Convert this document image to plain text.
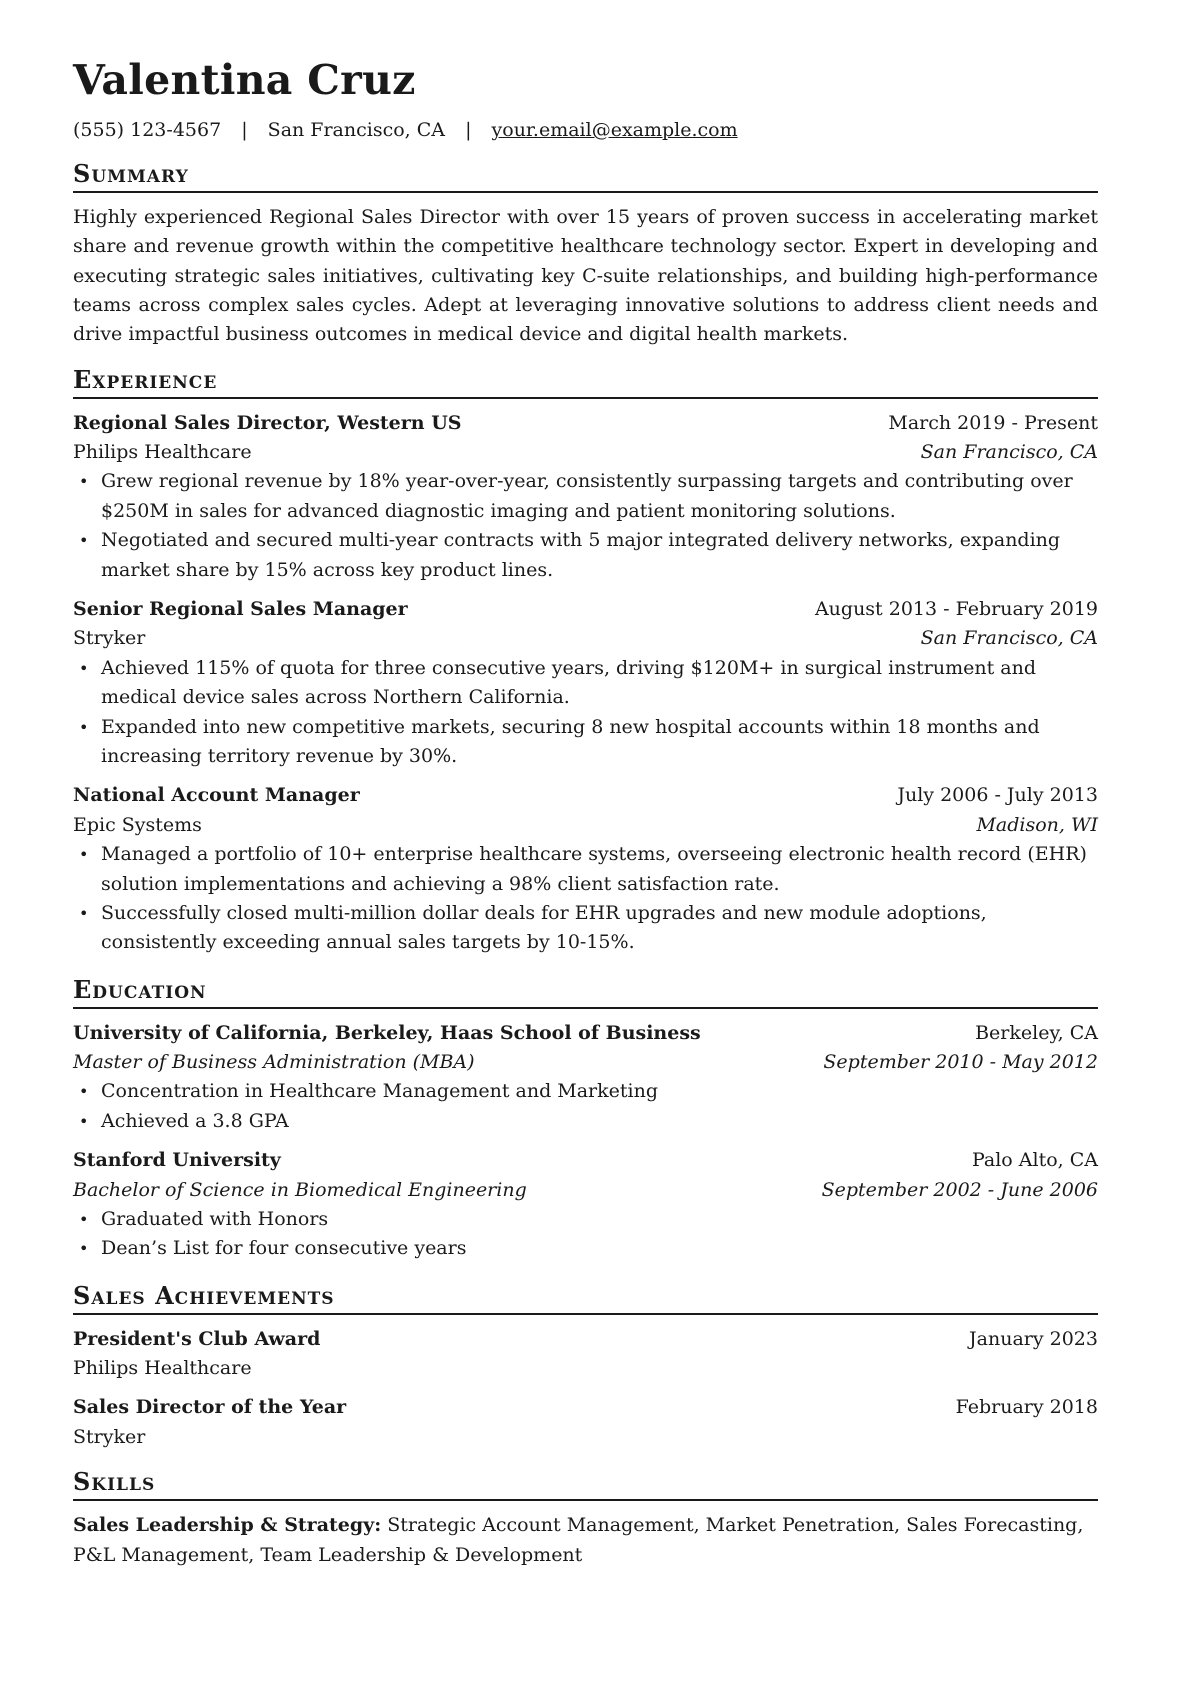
Valentina Cruz
(555) 123-4567 | San Francisco, CA | your.email@example.com
Summary
Highly experienced Regional Sales Director with over 15 years of proven success in accelerating market share and revenue growth within the competitive healthcare technology sector. Expert in developing and executing strategic sales initiatives, cultivating key C-suite relationships, and building high-performance teams across complex sales cycles. Adept at leveraging innovative solutions to address client needs and drive impactful business outcomes in medical device and digital health markets.
Experience
Regional Sales Director, Western US	March 2019 - Present
Philips Healthcare	San Francisco, CA
• Grew regional revenue by 18% year-over-year, consistently surpassing targets and contributing over $250M in sales for advanced diagnostic imaging and patient monitoring solutions.
• Negotiated and secured multi-year contracts with 5 major integrated delivery networks, expanding market share by 15% across key product lines.
Senior Regional Sales Manager	August 2013 - February 2019
Stryker	San Francisco, CA
• Achieved 115% of quota for three consecutive years, driving $120M+ in surgical instrument and medical device sales across Northern California.
• Expanded into new competitive markets, securing 8 new hospital accounts within 18 months and increasing territory revenue by 30%.
National Account Manager	July 2006 - July 2013
Epic Systems	Madison, WI
• Managed a portfolio of 10+ enterprise healthcare systems, overseeing electronic health record (EHR) solution implementations and achieving a 98% client satisfaction rate.
• Successfully closed multi-million dollar deals for EHR upgrades and new module adoptions, consistently exceeding annual sales targets by 10-15%.
Education
University of California, Berkeley, Haas School of Business	Berkeley, CA
Master of Business Administration (MBA)	September 2010 - May 2012
• Concentration in Healthcare Management and Marketing
• Achieved a 3.8 GPA
Stanford University	Palo Alto, CA
Bachelor of Science in Biomedical Engineering	September 2002 - June 2006
• Graduated with Honors
• Dean’s List for four consecutive years
Sales Achievements
President's Club Award	January 2023
Philips Healthcare
Sales Director of the Year	February 2018
Stryker
Skills
Sales Leadership & Strategy: Strategic Account Management, Market Penetration, Sales Forecasting, P&L Management, Team Leadership & Development
